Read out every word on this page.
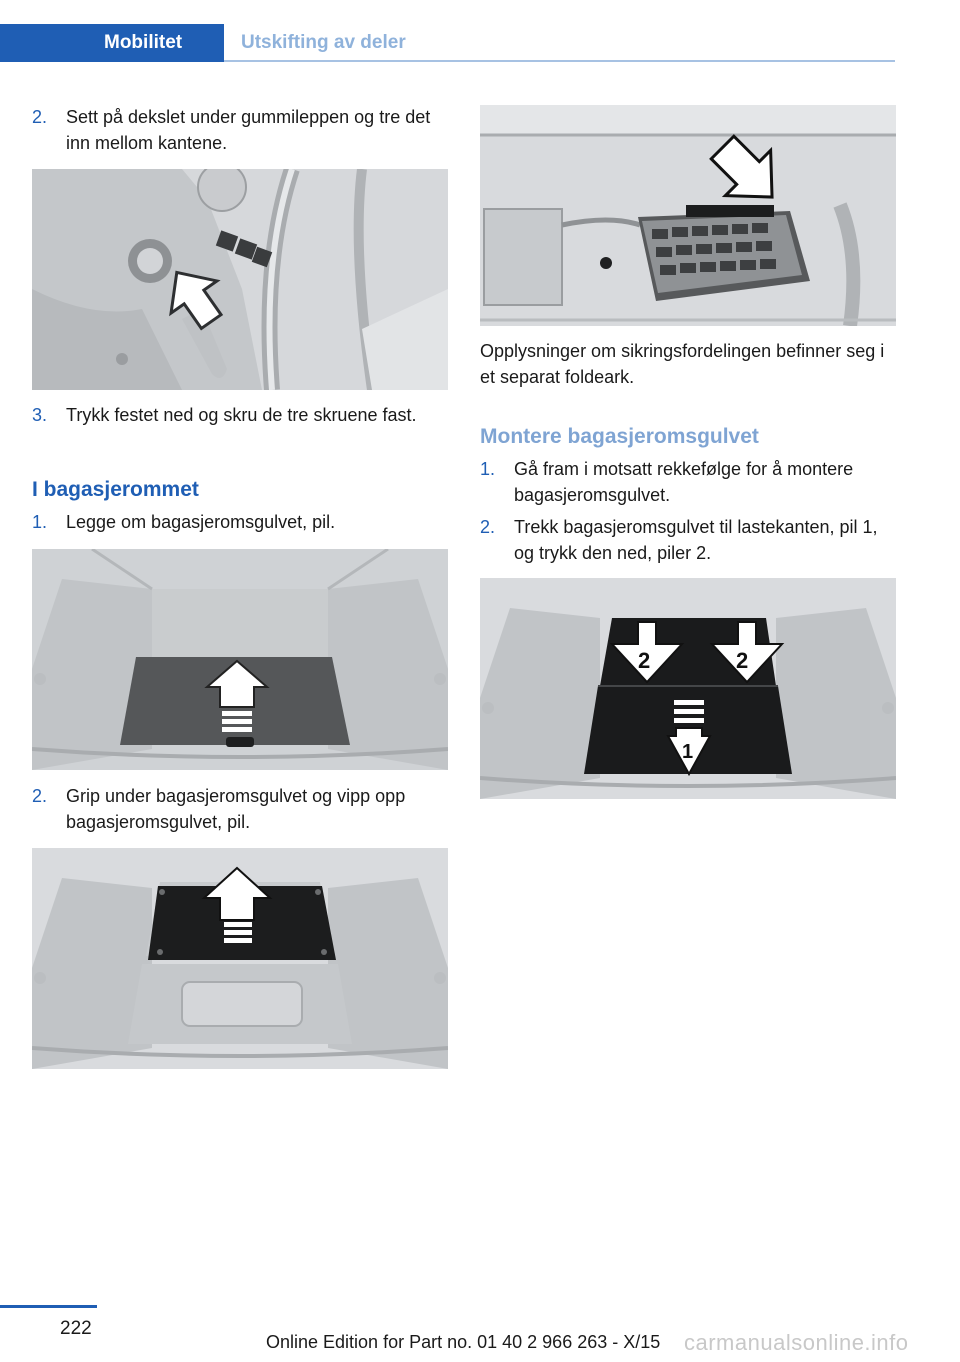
Mobilitet	Utskifting av deler
2.	Sett på dekslet under gummileppen og tre det inn mellom kantene.
3.	Trykk festet ned og skru de tre skruene fast.
I bagasjerommet
1.	Legge om bagasjeromsgulvet, pil.
2.	Grip under bagasjeromsgulvet og vipp opp bagasjeromsgulvet, pil.
Opplysninger om sikringsfordelingen befinner seg i et separat foldeark.
Montere bagasjeromsgulvet
1.	Gå fram i motsatt rekkefølge for å montere bagasjeromsgulvet.
2.	Trekk bagasjeromsgulvet til lastekanten, pil 1, og trykk den ned, piler 2.
2	2
1
222
Online Edition for Part no. 01 40 2 966 263 - X/15 carmanualsonline.info
